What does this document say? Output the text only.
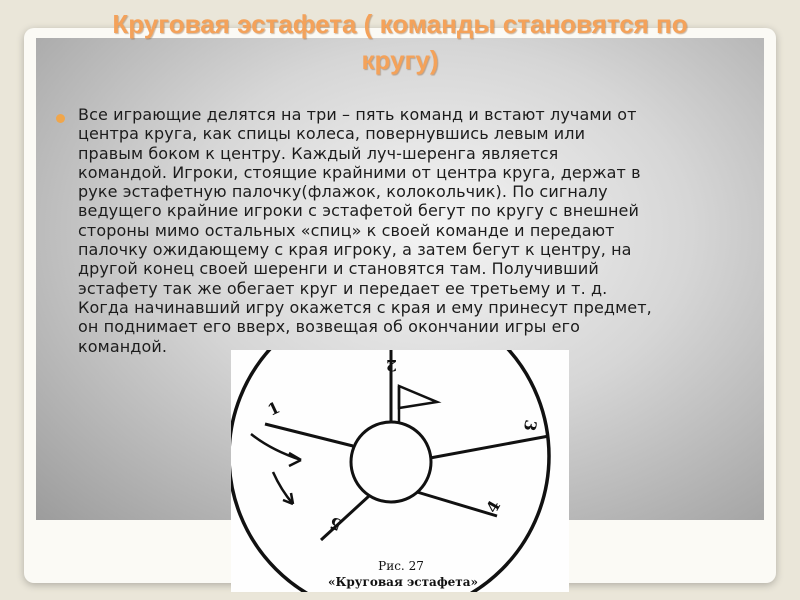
Круговая эстафета ( команды становятся по кругу)

Все играющие делятся на три – пять команд и встают лучами от
центра круга, как спицы колеса, повернувшись левым или
правым боком к центру. Каждый луч-шеренга является
командой. Игроки, стоящие крайними от центра круга, держат в
руке эстафетную палочку(флажок, колокольчик). По сигналу
ведущего крайние игроки с эстафетой бегут по кругу с внешней
стороны мимо остальных «спиц» к своей команде и передают
палочку ожидающему с края игроку, а затем бегут к центру, на
другой конец своей шеренги и становятся там. Получивший
эстафету так же обегает круг и передает ее третьему и т. д.
Когда начинавший игру окажется с края и ему принесут предмет,
он поднимает его вверх, возвещая об окончании игры его
командой.

1
2
3
4
5
Рис. 27
«Круговая эстафета»
